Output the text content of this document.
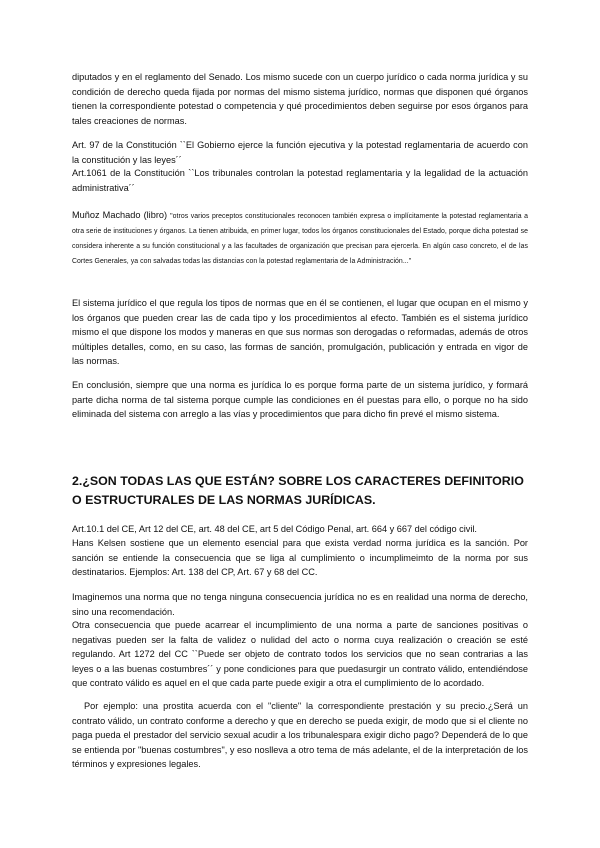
diputados y en el reglamento del Senado. Los mismo sucede con un cuerpo jurídico o cada norma jurídica y su condición de derecho queda fijada por normas del mismo sistema jurídico, normas que disponen qué órganos tienen la correspondiente potestad o competencia y qué procedimientos deben seguirse por esos órganos para tales creaciones de normas.

Art. 97 de la Constitución ``El Gobierno ejerce la función ejecutiva y la potestad reglamentaria de acuerdo con la constitución y las leyes´´

Art.1061 de la Constitución ``Los tribunales controlan la potestad reglamentaria y la legalidad de la actuación administrativa´´

Muñoz Machado (libro) "otros varios preceptos constitucionales reconocen también expresa o implícitamente la potestad reglamentaria a otra serie de instituciones y órganos. La tienen atribuida, en primer lugar, todos los órganos constitucionales del Estado, porque dicha potestad se considera inherente a su función constitucional y a las facultades de organización que precisan para ejercerla. En algún caso concreto, el de las Cortes Generales, ya con salvadas todas las distancias con la potestad reglamentaria de la Administración..."

El sistema jurídico el que regula los tipos de normas que en él se contienen, el lugar que ocupan en el mismo y los órganos que pueden crear las de cada tipo y los procedimientos al efecto. También es el sistema jurídico mismo el que dispone los modos y maneras en que sus normas son derogadas o reformadas, además de otros múltiples detalles, como, en su caso, las formas de sanción, promulgación, publicación y entrada en vigor de las normas.

En conclusión, siempre que una norma es jurídica lo es porque forma parte de un sistema jurídico, y formará parte dicha norma de tal sistema porque cumple las condiciones en él puestas para ello, o porque no ha sido eliminada del sistema con arreglo a las vías y procedimientos que para dicho fin prevé el mismo sistema.

2.¿SON TODAS LAS QUE ESTÁN? SOBRE LOS CARACTERES DEFINITORIO O ESTRUCTURALES DE LAS NORMAS JURÍDICAS.

Art.10.1 del CE, Art 12 del CE, art. 48 del CE, art 5 del Código Penal, art. 664 y 667 del código civil.

Hans Kelsen sostiene que un elemento esencial para que exista verdad norma jurídica es la sanción. Por sanción se entiende la consecuencia que se liga al cumplimiento o incumplimeimto de la norma por sus destinatarios. Ejemplos: Art. 138 del CP, Art. 67 y 68 del CC.

Imaginemos una norma que no tenga ninguna consecuencia jurídica no es en realidad una norma de derecho, sino una recomendación.

Otra consecuencia que puede acarrear el incumplimiento de una norma a parte de sanciones positivas o negativas pueden ser la falta de validez o nulidad del acto o norma cuya realización o creación se esté regulando. Art 1272 del CC ``Puede ser objeto de contrato todos los servicios que no sean contrarias a las leyes o a las buenas costumbres´´ y pone condiciones para que puedasurgir un contrato válido, entendiéndose que contrato válido es aquel en el que cada parte puede exigir a otra el cumplimiento de lo acordado.

Por ejemplo: una prostita acuerda con el "cliente" la correspondiente prestación y su precio.¿Será un contrato válido, un contrato conforme a derecho y que en derecho se pueda exigir, de modo que si el cliente no paga pueda el prestador del servicio sexual acudir a los tribunalespara exigir dicho pago? Dependerá de lo que se entienda por "buenas costumbres", y eso noslleva a otro tema de más adelante, el de la interpretación de los términos y expresiones legales.
